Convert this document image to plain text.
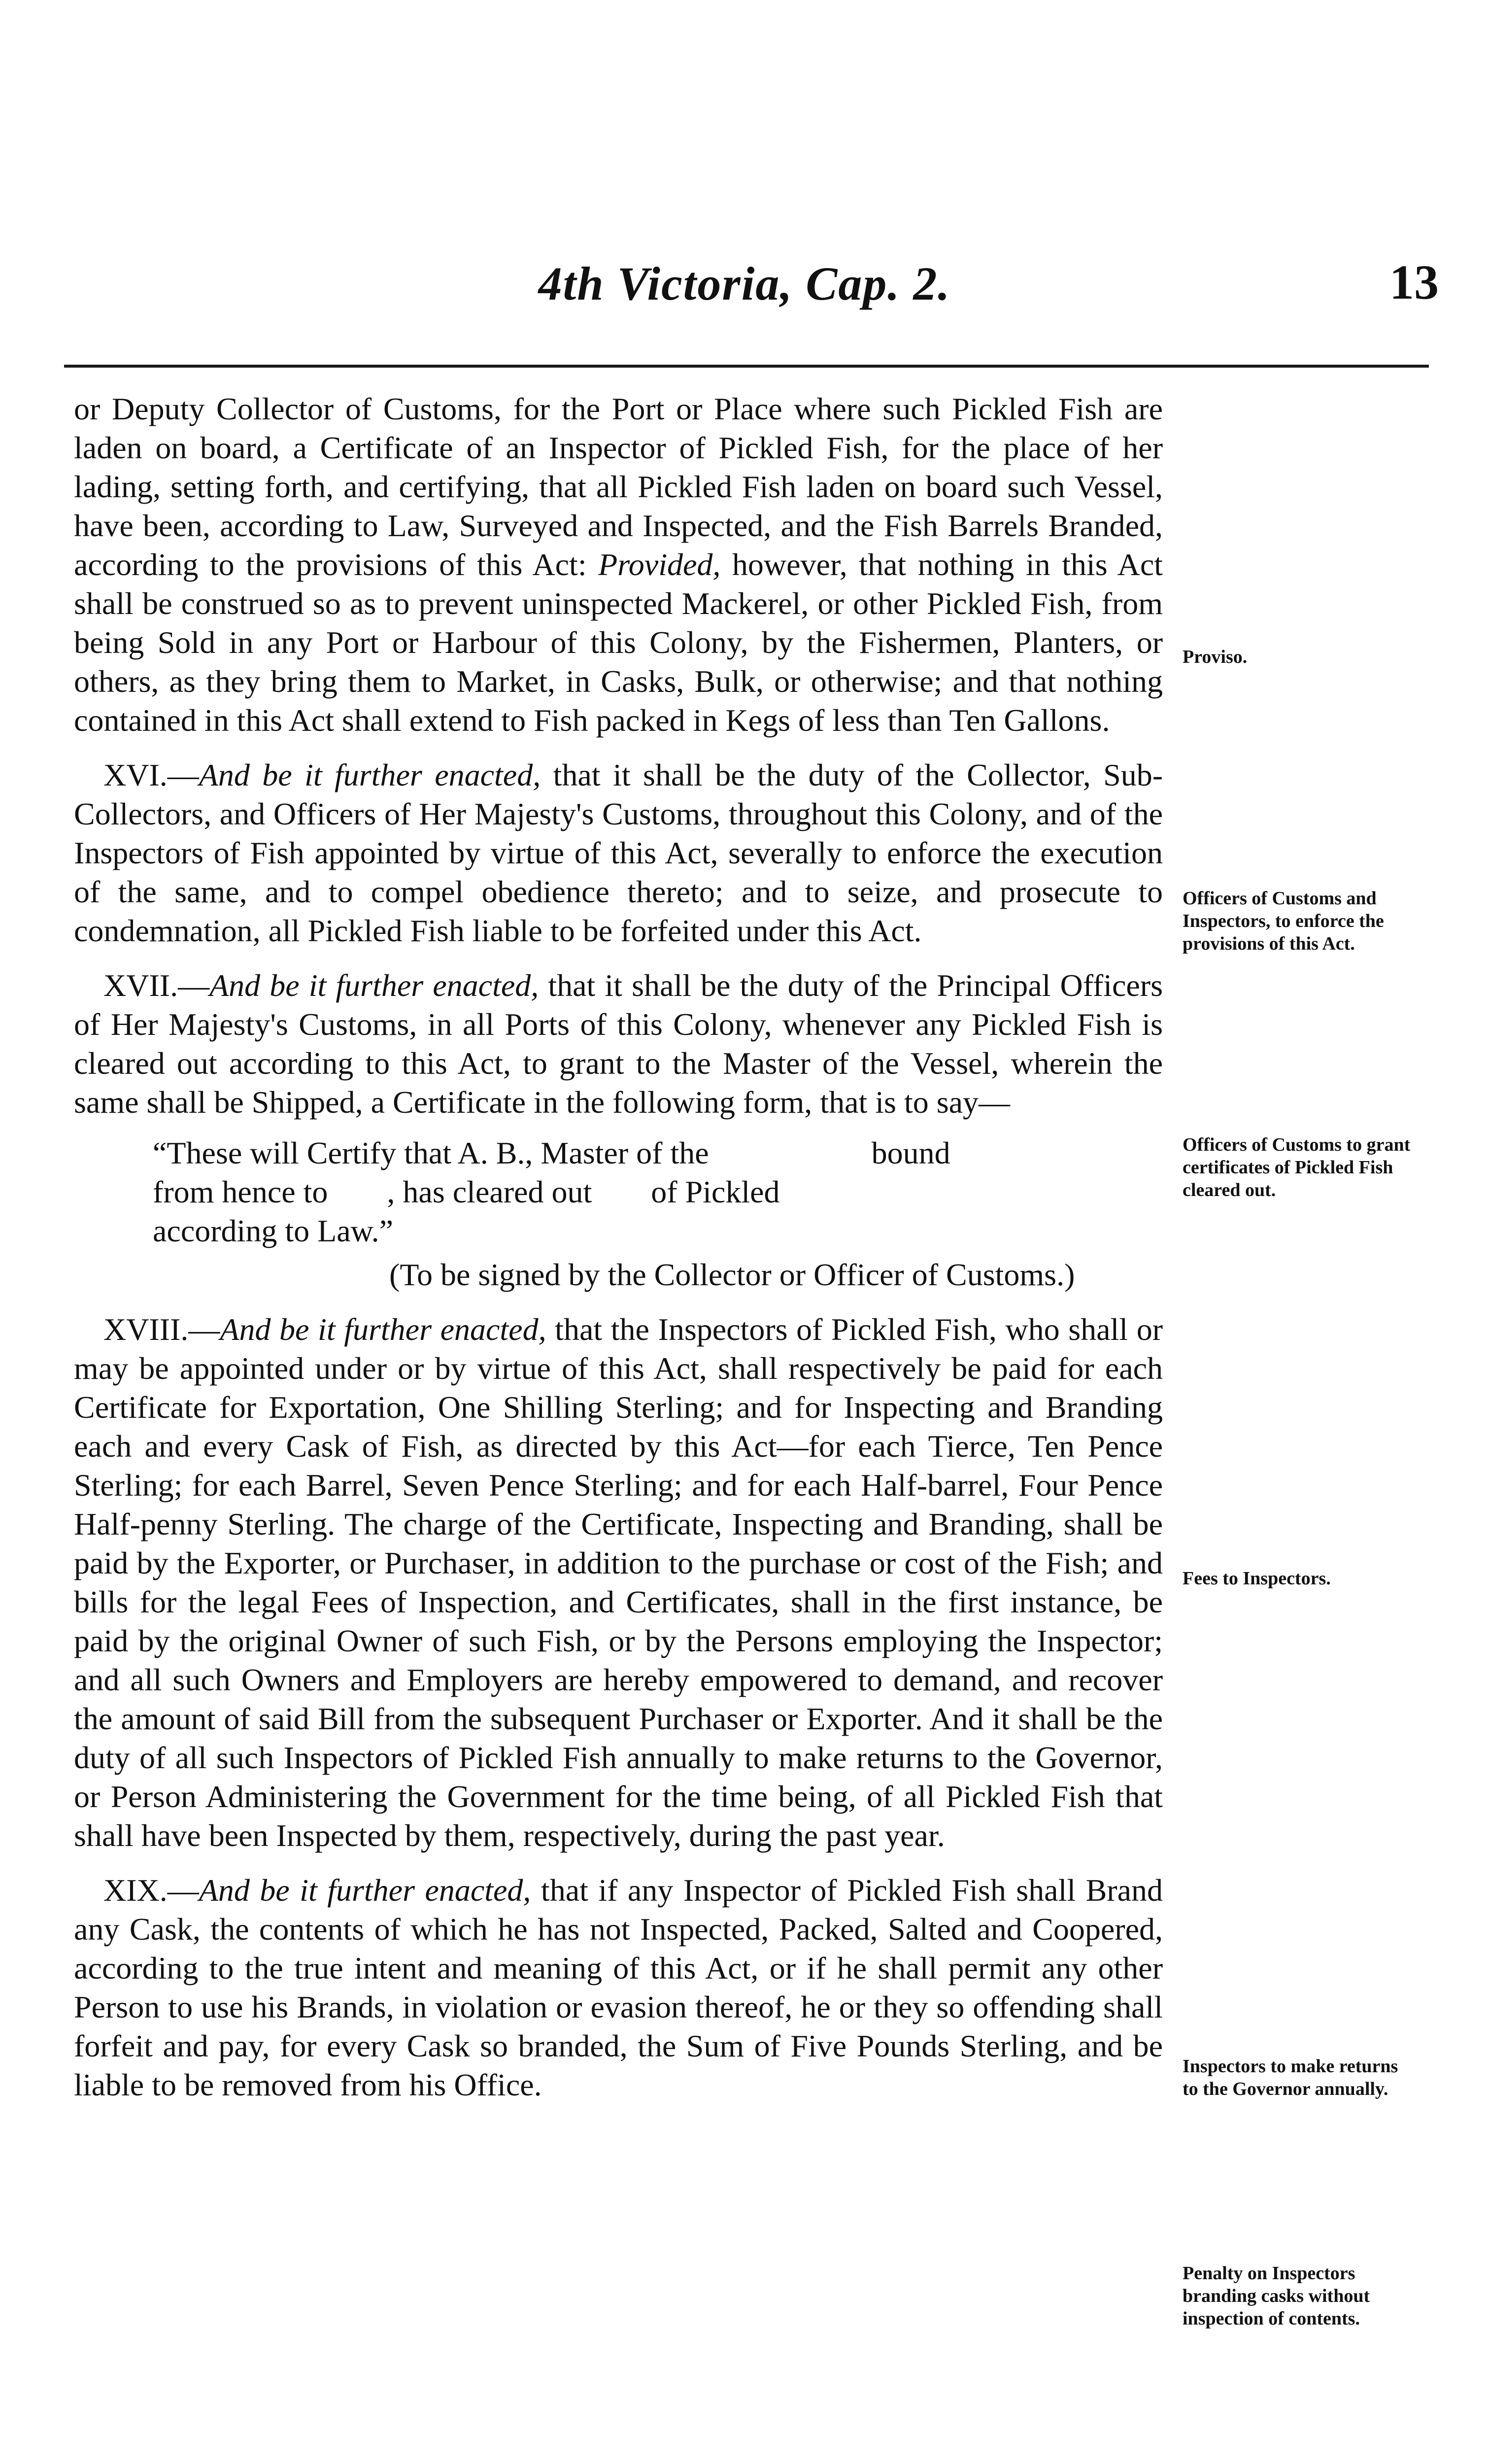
4th Victoria, Cap. 2.	13

or Deputy Collector of Customs, for the Port or Place where such Pickled Fish are laden on board, a Certificate of an Inspector of Pickled Fish, for the place of her lading, setting forth, and certifying, that all Pickled Fish laden on board such Vessel, have been, according to Law, Surveyed and Inspected, and the Fish Barrels Branded, according to the provisions of this Act: Provided, however, that nothing in this Act shall be construed so as to prevent uninspected Mackerel, or other Pickled Fish, from being Sold in any Port or Harbour of this Colony, by the Fishermen, Planters, or others, as they bring them to Market, in Casks, Bulk, or otherwise; and that nothing contained in this Act shall extend to Fish packed in Kegs of less than Ten Gallons.

XVI.—And be it further enacted, that it shall be the duty of the Collector, Sub-Collectors, and Officers of Her Majesty's Customs, throughout this Colony, and of the Inspectors of Fish appointed by virtue of this Act, severally to enforce the execution of the same, and to compel obedience thereto; and to seize, and prosecute to condemnation, all Pickled Fish liable to be forfeited under this Act.

XVII.—And be it further enacted, that it shall be the duty of the Principal Officers of Her Majesty's Customs, in all Ports of this Colony, whenever any Pickled Fish is cleared out according to this Act, to grant to the Master of the Vessel, wherein the same shall be Shipped, a Certificate in the following form, that is to say—

“These will Certify that A. B., Master of the	bound
from hence to , has cleared out of Pickled
according to Law.”
(To be signed by the Collector or Officer of Customs.)

XVIII.—And be it further enacted, that the Inspectors of Pickled Fish, who shall or may be appointed under or by virtue of this Act, shall respectively be paid for each Certificate for Exportation, One Shilling Sterling; and for Inspecting and Branding each and every Cask of Fish, as directed by this Act—for each Tierce, Ten Pence Sterling; for each Barrel, Seven Pence Sterling; and for each Half-barrel, Four Pence Half-penny Sterling. The charge of the Certificate, Inspecting and Branding, shall be paid by the Exporter, or Purchaser, in addition to the purchase or cost of the Fish; and bills for the legal Fees of Inspection, and Certificates, shall in the first instance, be paid by the original Owner of such Fish, or by the Persons employing the Inspector; and all such Owners and Employers are hereby empowered to demand, and recover the amount of said Bill from the subsequent Purchaser or Exporter. And it shall be the duty of all such Inspectors of Pickled Fish annually to make returns to the Governor, or Person Administering the Government for the time being, of all Pickled Fish that shall have been Inspected by them, respectively, during the past year.

XIX.—And be it further enacted, that if any Inspector of Pickled Fish shall Brand any Cask, the contents of which he has not Inspected, Packed, Salted and Coopered, according to the true intent and meaning of this Act, or if he shall permit any other Person to use his Brands, in violation or evasion thereof, he or they so offending shall forfeit and pay, for every Cask so branded, the Sum of Five Pounds Sterling, and be liable to be removed from his Office.

Proviso.
Officers of Customs and Inspectors, to enforce the provisions of this Act.
Officers of Customs to grant certificates of Pickled Fish cleared out.
Fees to Inspectors.
Inspectors to make returns to the Governor annually.
Penalty on Inspectors branding casks without inspection of contents.
